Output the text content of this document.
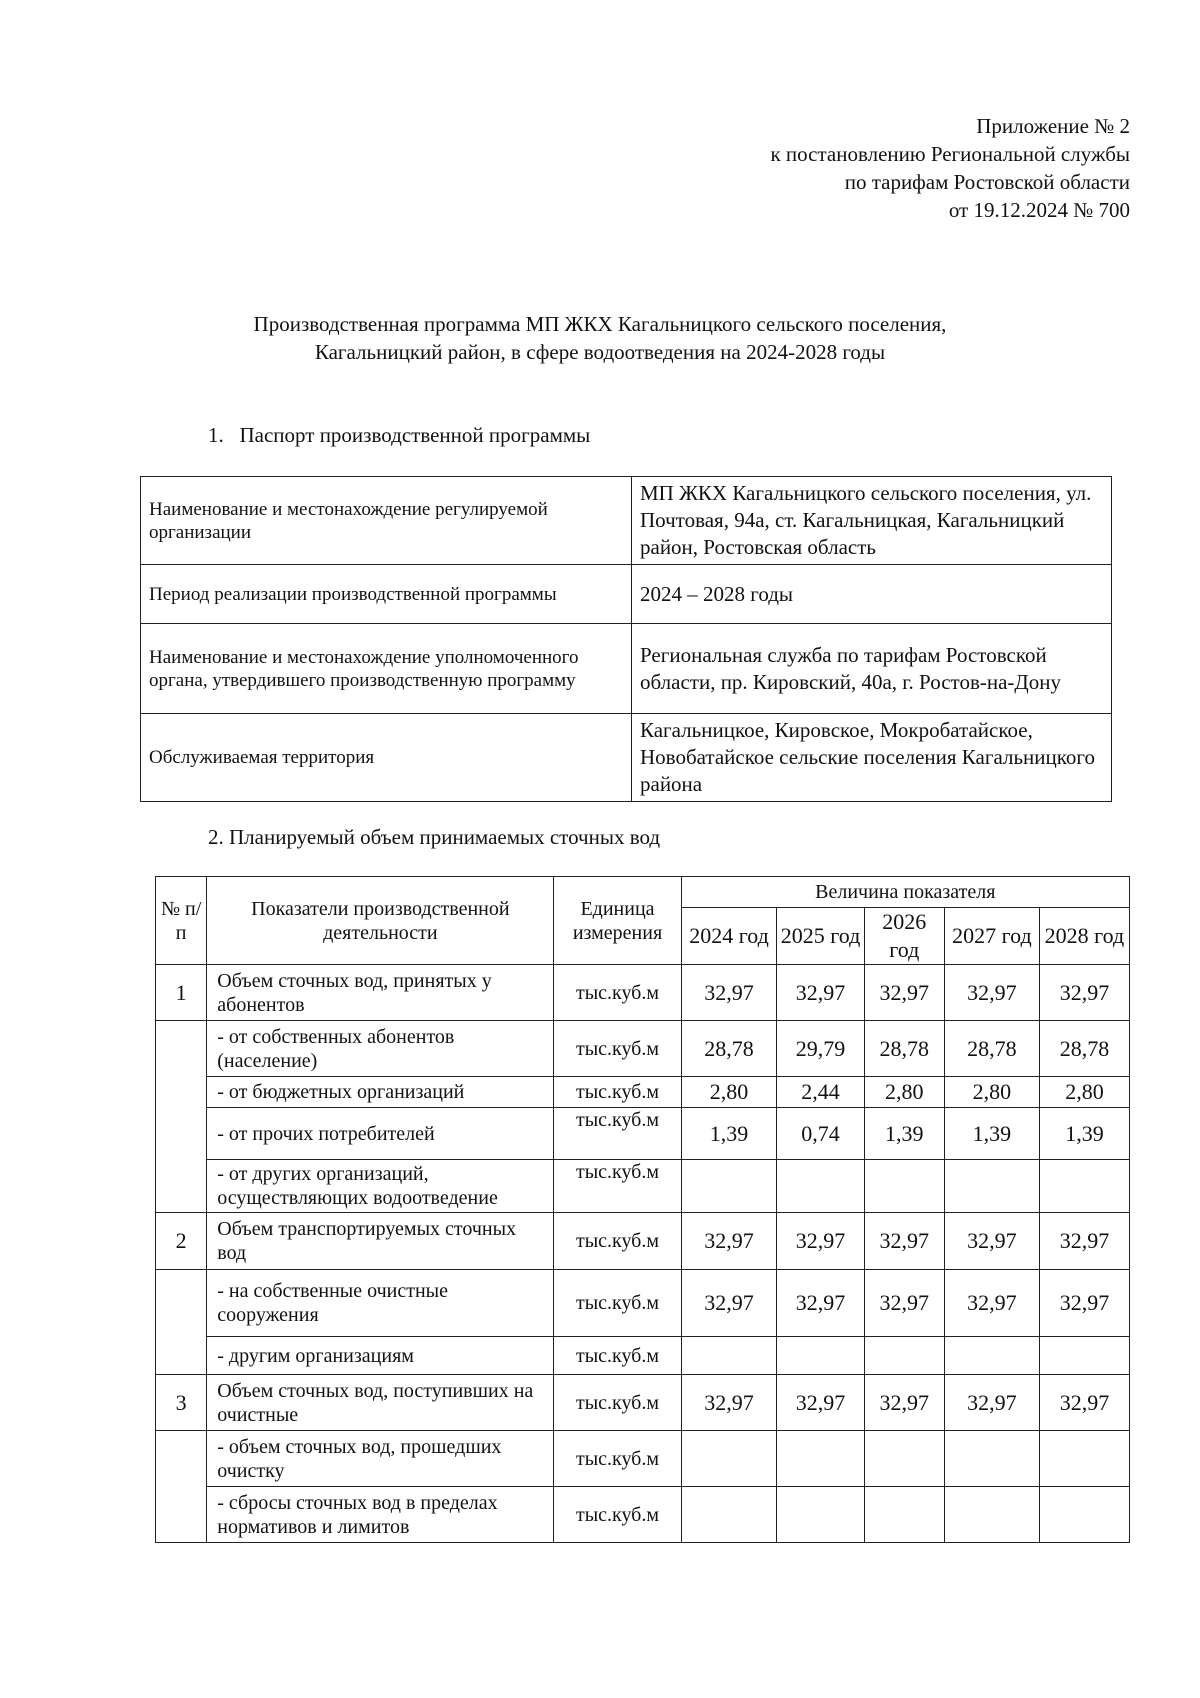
Приложение № 2
к постановлению Региональной службы
по тарифам Ростовской области
от 19.12.2024 № 700
Производственная программа МП ЖКХ Кагальницкого сельского поселения,
Кагальницкий район, в сфере водоотведения на 2024-2028 годы
1. Паспорт производственной программы
Наименование и местонахождение регулируемой организации	МП ЖКХ Кагальницкого сельского поселения, ул. Почтовая, 94а, ст. Кагальницкая, Кагальницкий район, Ростовская область
Период реализации производственной программы	2024 – 2028 годы
Наименование и местонахождение уполномоченного органа, утвердившего производственную программу	Региональная служба по тарифам Ростовской области, пр. Кировский, 40а, г. Ростов-на-Дону
Обслуживаемая территория	Кагальницкое, Кировское, Мокробатайское, Новобатайское сельские поселения Кагальницкого района
2. Планируемый объем принимаемых сточных вод
№ п/п	Показатели производственной деятельности	Единица измерения	Величина показателя				
			2024 год	2025 год	2026 год	2027 год	2028 год
1	Объем сточных вод, принятых у абонентов	тыс.куб.м	32,97	32,97	32,97	32,97	32,97
	- от собственных абонентов (население)	тыс.куб.м	28,78	29,79	28,78	28,78	28,78
	- от бюджетных организаций	тыс.куб.м	2,80	2,44	2,80	2,80	2,80
	- от прочих потребителей	тыс.куб.м	1,39	0,74	1,39	1,39	1,39
	- от других организаций, осуществляющих водоотведение	тыс.куб.м					
2	Объем транспортируемых сточных вод	тыс.куб.м	32,97	32,97	32,97	32,97	32,97
	- на собственные очистные сооружения	тыс.куб.м	32,97	32,97	32,97	32,97	32,97
	- другим организациям	тыс.куб.м					
3	Объем сточных вод, поступивших на очистные	тыс.куб.м	32,97	32,97	32,97	32,97	32,97
	- объем сточных вод, прошедших очистку	тыс.куб.м					
	- сбросы сточных вод в пределах нормативов и лимитов	тыс.куб.м					
